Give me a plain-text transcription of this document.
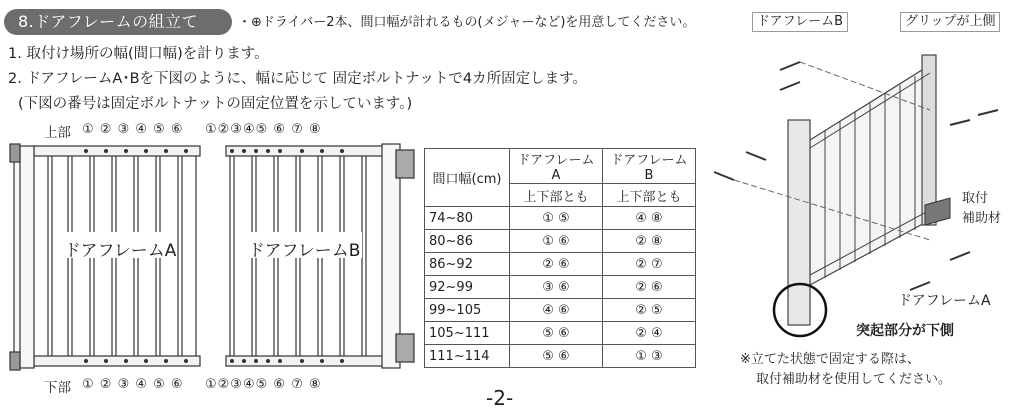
8.ドアフレームの組立て	・⊕ドライバー2本、間口幅が計れるもの(メジャーなど)を用意してください。
1. 取付け場所の幅(間口幅)を計ります。
2. ドアフレームA･Bを下図のように、幅に応じて 固定ボルトナットで4カ所固定します。
(下図の番号は固定ボルトナットの固定位置を示しています。)
上部 ① ② ③ ④ ⑤ ⑥
下部 ① ② ③ ④ ⑤ ⑥
①②③④⑤ ⑥ ⑦ ⑧
①②③④⑤ ⑥ ⑦ ⑧
ドアフレームA	ドアフレームB
間口幅(cm)	ドアフレームA	ドアフレームB
	上下部とも	上下部とも
74~80	① ⑤	④ ⑧
80~86	① ⑥	② ⑧
86~92	② ⑥	② ⑦
92~99	③ ⑥	② ⑥
99~105	④ ⑥	② ⑤
105~111	⑤ ⑥	② ④
111~114	⑤ ⑥	① ③
-2-
ドアフレームB	グリップが上側
取付
補助材
ドアフレームA
突起部分が下側
※立てた状態で固定する際は、
取付補助材を使用してください。
